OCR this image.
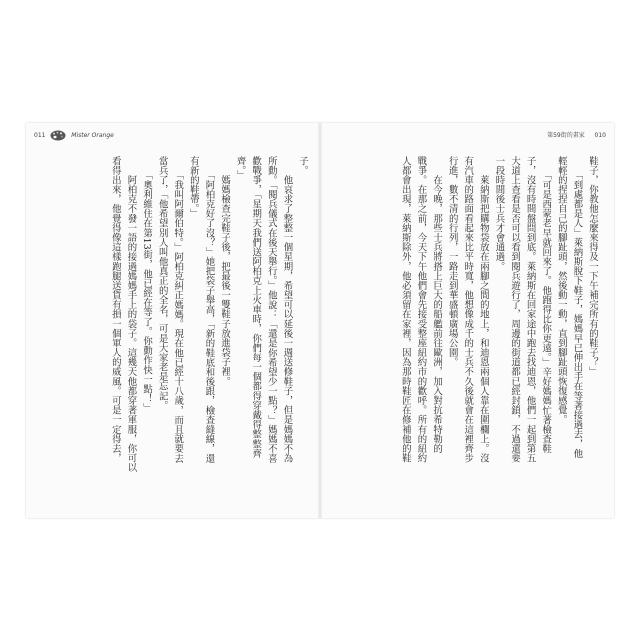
011	Mister Orange

子。

　　他哀求了整整一個星期，希望可以延後一週送修鞋子，但是媽媽不為

所動。「閱兵儀式在後天舉行。」他說：「還是你希望少一點？」媽媽不喜

歡戰爭，「星期天我們送阿柏克上火車時，你們每一個都得穿戴得整整齊

齊。」

　　媽媽檢查完鞋子後，把最後一雙鞋子放進袋子裡。

　　「阿柏克好了沒？」她把袋子舉高，「新的鞋底和後跟，檢查縫線，還

有新的鞋帶。」

　　「我叫阿爾伯特。」阿柏克糾正媽媽。現在他已經十八歲，而且就要去

當兵了，「他希望別人叫他真正的全名，可是大家老是忘記。

　　「奧利維住在第13街，他已經在等了。你動作快一點！」

　　阿柏克不發一語的接過媽媽手上的袋子。這幾天他都穿著軍服，你可以

看得出來，他覺得像這樣跑腿送貨有損一個軍人的威風。可是一定得去，

第59街的畫家 010

鞋子，你教他怎麼來得及一下午補完所有的鞋子？」

　　「到處都是人」萊納斯脫下鞋子，媽媽早已伸出手在等著接過去，他

輕輕的捏捏自己的腳趾頭，然後動一動，直到腳趾頭恢復感覺。

　　「可是西蒙老早就回來了。他跑得比你更遠。」辛好媽媽忙著檢查鞋

子，沒有時間盤問到底。萊納斯在回家途中跑去找迪恩，他們一起到第五

大道上查看是否可以看到閱兵遊行了，周邊的街道都已經封鎖，不過還要

一段時間後士兵才會通過。

　　萊納斯把購物袋放在兩腳之間的地上，和迪恩兩個人靠在圍欄上。沒

有汽車的路面看起來比平時寬，他想像成千的士兵不久後就會在這裡齊步

行進，數不清的行列，一路走到華盛頓廣場公園。

　　在今晚，那些士兵將搭上巨大的船艦前往歐洲，加入對抗希特勒的

戰爭。在那之前，今天下午他們會先接受整座紐約市的歡呼。所有的紐約

人都會出現，萊納斯除外，他必須留在家裡，因為那時鞋匠在修補他的鞋
